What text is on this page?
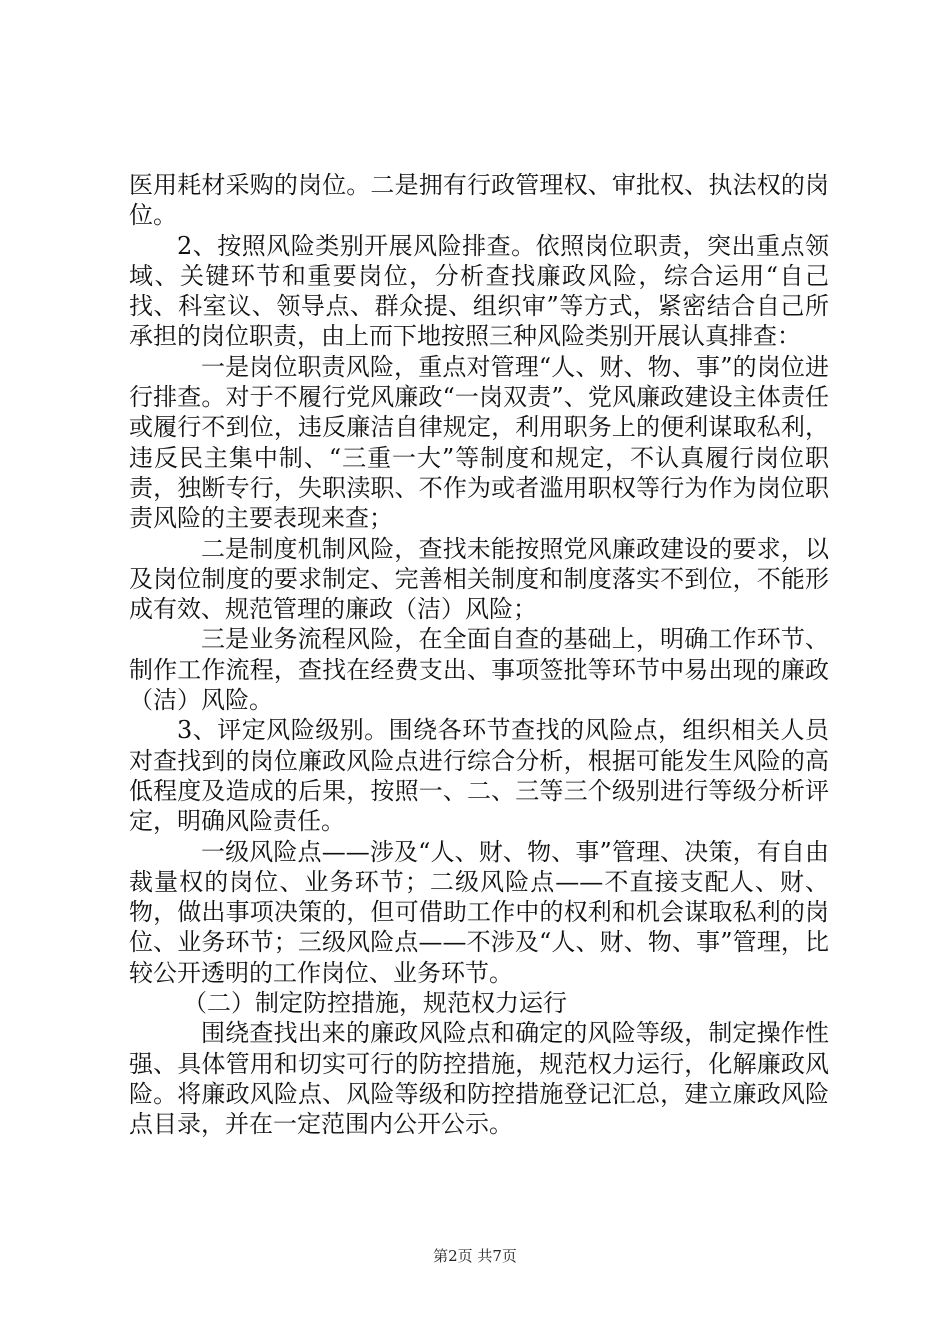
医用耗材采购的岗位。二是拥有行政管理权、审批权、执法权的岗位。

2、按照风险类别开展风险排查。依照岗位职责，突出重点领域、关键环节和重要岗位，分析查找廉政风险，综合运用“自己找、科室议、领导点、群众提、组织审”等方式，紧密结合自己所承担的岗位职责，由上而下地按照三种风险类别开展认真排查：

一是岗位职责风险，重点对管理“人、财、物、事”的岗位进行排查。对于不履行党风廉政“一岗双责”、党风廉政建设主体责任或履行不到位，违反廉洁自律规定，利用职务上的便利谋取私利，违反民主集中制、“三重一大”等制度和规定，不认真履行岗位职责，独断专行，失职渎职、不作为或者滥用职权等行为作为岗位职责风险的主要表现来查；

二是制度机制风险，查找未能按照党风廉政建设的要求，以及岗位制度的要求制定、完善相关制度和制度落实不到位，不能形成有效、规范管理的廉政（洁）风险；

三是业务流程风险，在全面自查的基础上，明确工作环节、制作工作流程，查找在经费支出、事项签批等环节中易出现的廉政（洁）风险。

3、评定风险级别。围绕各环节查找的风险点，组织相关人员对查找到的岗位廉政风险点进行综合分析，根据可能发生风险的高低程度及造成的后果，按照一、二、三等三个级别进行等级分析评定，明确风险责任。

一级风险点——涉及“人、财、物、事”管理、决策，有自由裁量权的岗位、业务环节；二级风险点——不直接支配人、财、物，做出事项决策的，但可借助工作中的权利和机会谋取私利的岗位、业务环节；三级风险点——不涉及“人、财、物、事”管理，比较公开透明的工作岗位、业务环节。

（二）制定防控措施，规范权力运行

围绕查找出来的廉政风险点和确定的风险等级，制定操作性强、具体管用和切实可行的防控措施，规范权力运行，化解廉政风险。将廉政风险点、风险等级和防控措施登记汇总，建立廉政风险点目录，并在一定范围内公开公示。

第2页 共7页
